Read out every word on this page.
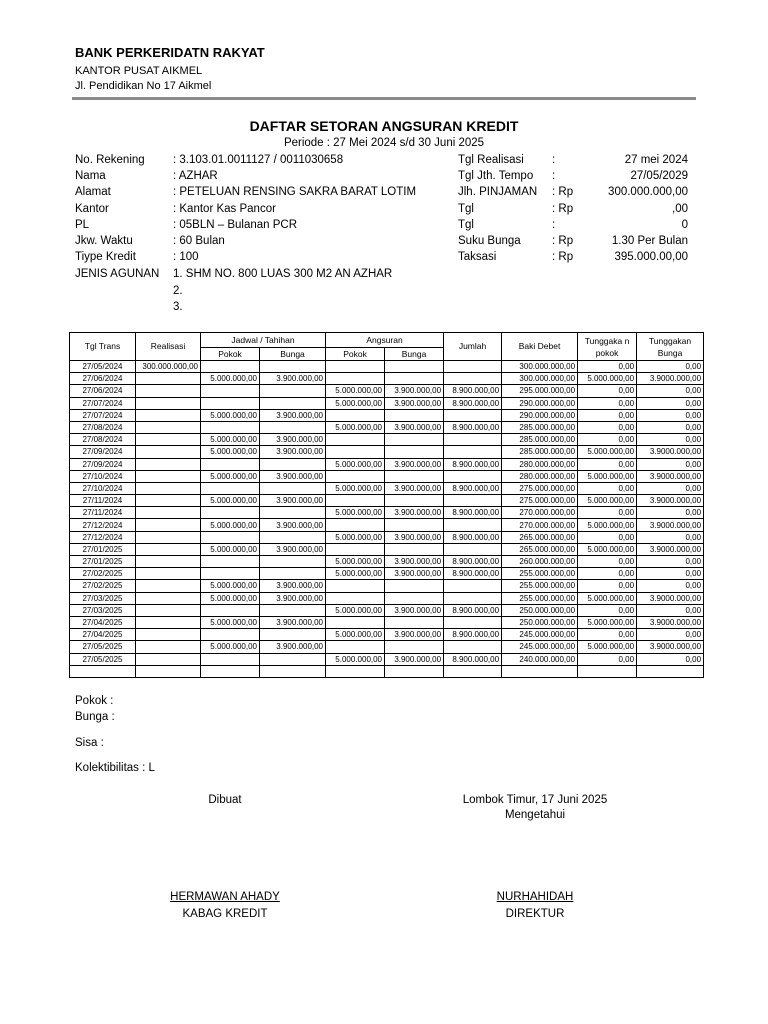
BANK PERKERIDATN RAKYAT
KANTOR PUSAT AIKMEL
Jl. Pendidikan No 17 Aikmel
DAFTAR SETORAN ANGSURAN KREDIT
Periode : 27 Mei 2024 s/d 30 Juni 2025
No. Rekening : 3.103.01.0011127 / 0011030658
Nama	: AZHAR
Alamat	: PETELUAN RENSING SAKRA BARAT LOTIM
Kantor	: Kantor Kas Pancor
PL	: 05BLN – Bulanan PCR
Jkw. Waktu	: 60 Bulan
Tiype Kredit	: 100
JENIS AGUNAN 1. SHM NO. 800 LUAS 300 M2 AN AZHAR
2.
3.
Tgl Realisasi :	27 mei 2024
Tgl Jth. Tempo :	27/05/2029
Jlh. PINJAMAN : Rp	300.000.000,00
Tgl	: Rp	,00
Tgl	:	0
Suku Bunga	: Rp	1.30 Per Bulan
Taksasi	: Rp	395.000.00,00
Tgl Trans	Realisasi	Jadwal / Tahihan		Angsuran		Jumlah	Baki Debet	Tunggaka n pokok	Tunggakan Bunga
		Pokok	Bunga	Pokok	Bunga				
27/05/2024	300.000.000,00						300.000.000,00	0,00	0,00
27/06/2024		5.000.000,00	3.900.000,00				300.000.000,00	5.000.000,00	3.9000.000,00
27/06/2024				5.000.000,00	3.900.000,00	8.900.000,00	295.000.000,00	0,00	0,00
27/07/2024				5.000.000,00	3.900.000,00	8.900.000,00	290.000.000,00	0,00	0,00
27/07/2024		5.000.000,00	3.900.000,00				290.000.000,00	0,00	0,00
27/08/2024				5.000.000,00	3.900.000,00	8.900.000,00	285.000.000,00	0,00	0,00
27/08/2024		5.000.000,00	3.900.000,00				285.000.000,00	0,00	0,00
27/09/2024		5.000.000,00	3.900.000,00				285.000.000,00	5.000.000,00	3.9000.000,00
27/09/2024				5.000.000,00	3.900.000,00	8.900.000,00	280.000.000,00	0,00	0,00
27/10/2024		5.000.000,00	3.900.000,00				280.000.000,00	5.000.000,00	3.9000.000,00
27/10/2024				5.000.000,00	3.900.000,00	8.900.000,00	275.000.000,00	0,00	0,00
27/11/2024		5.000.000,00	3.900.000,00				275.000.000,00	5.000.000,00	3.9000.000,00
27/11/2024				5.000.000,00	3.900.000,00	8.900.000,00	270.000.000,00	0,00	0,00
27/12/2024		5.000.000,00	3.900.000,00				270.000.000,00	5.000.000,00	3.9000.000,00
27/12/2024				5.000.000,00	3.900.000,00	8.900.000,00	265.000.000,00	0,00	0,00
27/01/2025		5.000.000,00	3.900.000,00				265.000.000,00	5.000.000,00	3.9000.000,00
27/01/2025				5.000.000,00	3.900.000,00	8.900.000,00	260.000.000,00	0,00	0,00
27/02/2025				5.000.000,00	3.900.000,00	8.900.000,00	255.000.000,00	0,00	0,00
27/02/2025		5.000.000,00	3.900.000,00				255.000.000,00	0,00	0,00
27/03/2025		5.000.000,00	3.900.000,00				255.000.000,00	5.000.000,00	3.9000.000,00
27/03/2025				5.000.000,00	3.900.000,00	8.900.000,00	250.000.000,00	0,00	0,00
27/04/2025		5.000.000,00	3.900.000,00				250.000.000,00	5.000.000,00	3.9000.000,00
27/04/2025				5.000.000,00	3.900.000,00	8.900.000,00	245.000.000,00	0,00	0,00
27/05/2025		5.000.000,00	3.900.000,00				245.000.000,00	5.000.000,00	3.9000.000,00
27/05/2025				5.000.000,00	3.900.000,00	8.900.000,00	240.000.000,00	0,00	0,00

Pokok :
Bunga :
Sisa :
Kolektibilitas : L
Dibuat	Lombok Timur, 17 Juni 2025
Mengetahui
HERMAWAN AHADY
KABAG KREDIT
NURHAHIDAH
DIREKTUR
